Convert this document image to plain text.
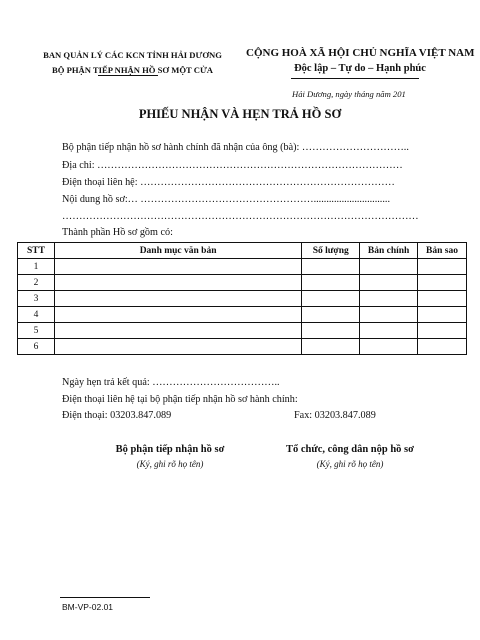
BAN QUẢN LÝ CÁC KCN TỈNH HẢI DƯƠNG
BỘ PHẬN TIẾP NHẬN HỒ SƠ MỘT CỬA
CỘNG HOÀ XÃ HỘI CHỦ NGHĨA VIỆT NAM
Độc lập – Tự do – Hạnh phúc
Hải Dương, ngày tháng năm 201
PHIẾU NHẬN VÀ HẸN TRẢ HỒ SƠ
Bộ phận tiếp nhận hồ sơ hành chính đã nhận của ông (bà): …………………………..
Địa chỉ: ………………………………………………………………………………
Điện thoại liên hệ: …………………………………………………………………
Nội dung hồ sơ:… ……………………………………………..............................
……………………………………………………………………………………………
Thành phần Hồ sơ gồm có:
STT	Danh mục văn bản	Số lượng	Bản chính	Bản sao
1				
2				
3				
4				
5				
6				
Ngày hẹn trả kết quả: ………………………………..
Điện thoại liên hệ tại bộ phận tiếp nhận hồ sơ hành chính:
Điện thoại: 03203.847.089	Fax: 03203.847.089
Bộ phận tiếp nhận hồ sơ
(Ký, ghi rõ họ tên)
Tổ chức, công dân nộp hồ sơ
(Ký, ghi rõ họ tên)
BM-VP-02.01
